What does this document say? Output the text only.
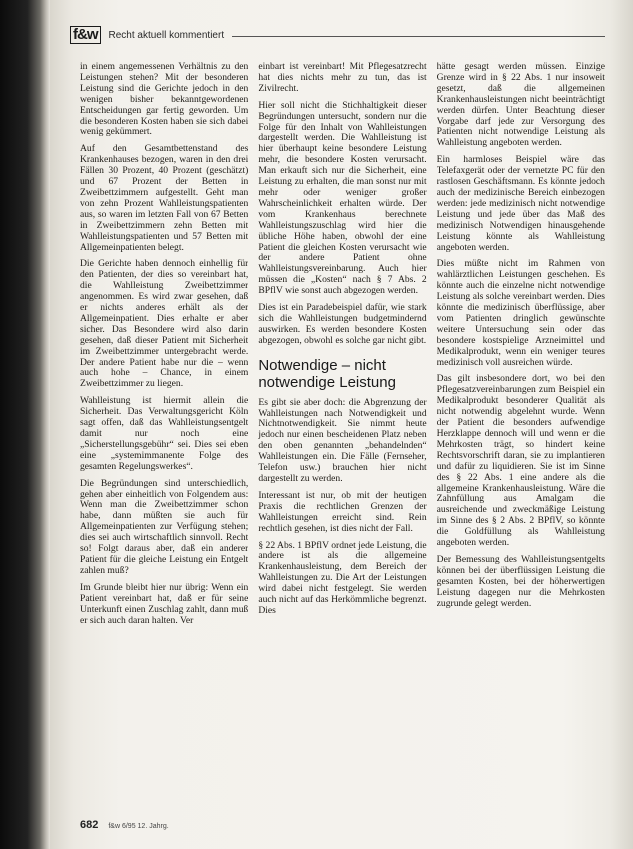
f&w	Recht aktuell kommentiert

in einem angemessenen Verhältnis zu den Leistungen stehen? Mit der besonderen Leistung sind die Gerichte jedoch in den wenigen bisher bekanntgewordenen Entscheidungen gar fertig geworden. Um die besonderen Kosten haben sie sich dabei wenig gekümmert.

Auf den Gesamtbettenstand des Krankenhauses bezogen, waren in den drei Fällen 30 Prozent, 40 Prozent (geschätzt) und 67 Prozent der Betten in Zweibettzimmern aufgestellt. Geht man von zehn Prozent Wahlleistungspatienten aus, so waren im letzten Fall von 67 Betten in Zweibettzimmern zehn Betten mit Wahlleistungspatienten und 57 Betten mit Allgemeinpatienten belegt.

Die Gerichte haben dennoch einhellig für den Patienten, der dies so vereinbart hat, die Wahlleistung Zweibettzimmer angenommen. Es wird zwar gesehen, daß er nichts anderes erhält als der Allgemeinpatient. Dies erhalte er aber sicher. Das Besondere wird also darin gesehen, daß dieser Patient mit Sicherheit im Zweibettzimmer untergebracht werde. Der andere Patient habe nur die – wenn auch hohe – Chance, in einem Zweibettzimmer zu liegen.

Wahlleistung ist hiermit allein die Sicherheit. Das Verwaltungsgericht Köln sagt offen, daß das Wahlleistungsentgelt damit nur noch eine „Sicherstellungsgebühr“ sei. Dies sei eben eine „systemimmanente Folge des gesamten Regelungswerkes“.

Die Begründungen sind unterschiedlich, gehen aber einheitlich von Folgendem aus: Wenn man die Zweibettzimmer schon habe, dann müßten sie auch für Allgemeinpatienten zur Verfügung stehen; dies sei auch wirtschaftlich sinnvoll. Recht so! Folgt daraus aber, daß ein anderer Patient für die gleiche Leistung ein Entgelt zahlen muß?

Im Grunde bleibt hier nur übrig: Wenn ein Patient vereinbart hat, daß er für seine Unterkunft einen Zuschlag zahlt, dann muß er sich auch daran halten. Ver

einbart ist vereinbart! Mit Pflegesatzrecht hat dies nichts mehr zu tun, das ist Zivilrecht.

Hier soll nicht die Stichhaltigkeit dieser Begründungen untersucht, sondern nur die Folge für den Inhalt von Wahlleistungen dargestellt werden. Die Wahlleistung ist hier überhaupt keine besondere Leistung mehr, die besondere Kosten verursacht. Man erkauft sich nur die Sicherheit, eine Leistung zu erhalten, die man sonst nur mit mehr oder weniger großer Wahrscheinlichkeit erhalten würde. Der vom Krankenhaus berechnete Wahlleistungszuschlag wird hier die übliche Höhe haben, obwohl der eine Patient die gleichen Kosten verursacht wie der andere Patient ohne Wahlleistungsvereinbarung. Auch hier müssen die „Kosten“ nach § 7 Abs. 2 BPflV wie sonst auch abgezogen werden.

Dies ist ein Paradebeispiel dafür, wie stark sich die Wahlleistungen budgetmindernd auswirken. Es werden besondere Kosten abgezogen, obwohl es solche gar nicht gibt.

Notwendige – nicht notwendige Leistung

Es gibt sie aber doch: die Abgrenzung der Wahlleistungen nach Notwendigkeit und Nichtnotwendigkeit. Sie nimmt heute jedoch nur einen bescheidenen Platz neben den oben genannten „behandelnden“ Wahlleistungen ein. Die Fälle (Fernseher, Telefon usw.) brauchen hier nicht dargestellt zu werden.

Interessant ist nur, ob mit der heutigen Praxis die rechtlichen Grenzen der Wahlleistungen erreicht sind. Rein rechtlich gesehen, ist dies nicht der Fall.

§ 22 Abs. 1 BPflV ordnet jede Leistung, die andere ist als die allgemeine Krankenhausleistung, dem Bereich der Wahlleistungen zu. Die Art der Leistungen wird dabei nicht festgelegt. Sie werden auch nicht auf das Herkömmliche begrenzt. Dies

hätte gesagt werden müssen. Einzige Grenze wird in § 22 Abs. 1 nur insoweit gesetzt, daß die allgemeinen Krankenhausleistungen nicht beeinträchtigt werden dürfen. Unter Beachtung dieser Vorgabe darf jede zur Versorgung des Patienten nicht notwendige Leistung als Wahlleistung angeboten werden.

Ein harmloses Beispiel wäre das Telefaxgerät oder der vernetzte PC für den rastlosen Geschäftsmann. Es könnte jedoch auch der medizinische Bereich einbezogen werden: jede medizinisch nicht notwendige Leistung und jede über das Maß des medizinisch Notwendigen hinausgehende Leistung könnte als Wahlleistung angeboten werden.

Dies müßte nicht im Rahmen von wahlärztlichen Leistungen geschehen. Es könnte auch die einzelne nicht notwendige Leistung als solche vereinbart werden. Dies könnte die medizinisch überflüssige, aber vom Patienten dringlich gewünschte weitere Untersuchung sein oder das besondere kostspielige Arzneimittel und Medikalprodukt, wenn ein weniger teures medizinisch voll ausreichen würde.

Das gilt insbesondere dort, wo bei den Pflegesatzvereinbarungen zum Beispiel ein Medikalprodukt besonderer Qualität als nicht notwendig abgelehnt wurde. Wenn der Patient die besonders aufwendige Herzklappe dennoch will und wenn er die Mehrkosten trägt, so hindert keine Rechtsvorschrift daran, sie zu implantieren und dafür zu liquidieren. Sie ist im Sinne des § 22 Abs. 1 eine andere als die allgemeine Krankenhausleistung. Wäre die Zahnfüllung aus Amalgam die ausreichende und zweckmäßige Leistung im Sinne des § 2 Abs. 2 BPflV, so könnte die Goldfüllung als Wahlleistung angeboten werden.

Der Bemessung des Wahlleistungsentgelts können bei der überflüssigen Leistung die gesamten Kosten, bei der höherwertigen Leistung dagegen nur die Mehrkosten zugrunde gelegt werden.

682 f&w 6/95 12. Jahrg.
